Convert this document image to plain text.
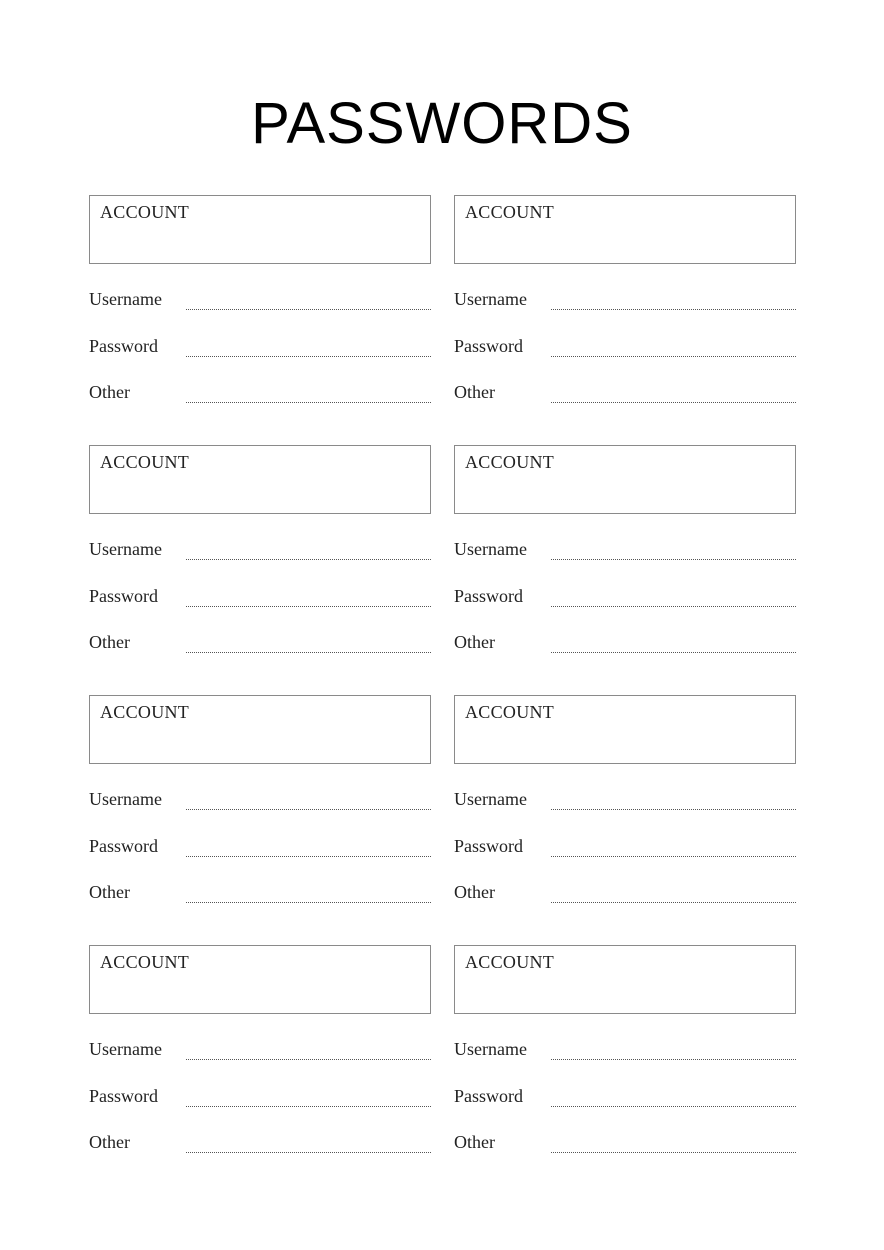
PASSWORDS
ACCOUNT
Username
Password
Other
ACCOUNT
Username
Password
Other
ACCOUNT
Username
Password
Other
ACCOUNT
Username
Password
Other
ACCOUNT
Username
Password
Other
ACCOUNT
Username
Password
Other
ACCOUNT
Username
Password
Other
ACCOUNT
Username
Password
Other
